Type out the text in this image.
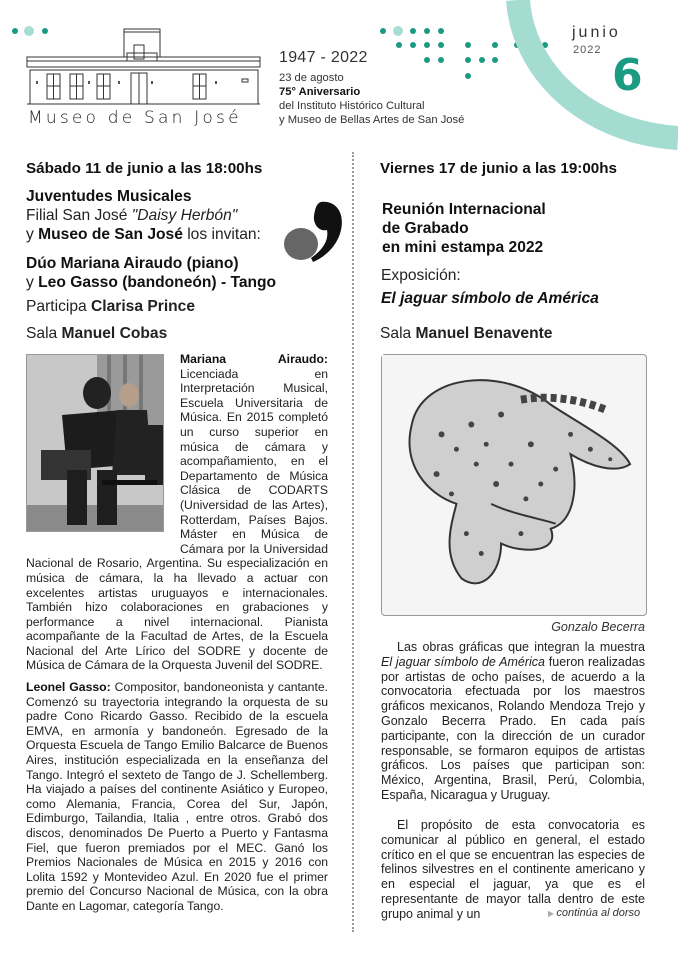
Museo de San José
1947 - 2022
23 de agosto
75° Aniversario
del Instituto Histórico Cultural
y Museo de Bellas Artes de San José
junio
2022 6
Sábado 11 de junio a las 18:00hs
Juventudes Musicales
Filial San José "Daisy Herbón"
y Museo de San José los invitan:
Dúo Mariana Airaudo (piano)
y Leo Gasso (bandoneón) - Tango
Participa Clarisa Prince
Sala Manuel Cobas
Mariana Airaudo: Licenciada en Interpretación Musical, Escuela Universitaria de Música. En 2015 completó un curso superior en música de cámara y acompañamiento, en el Departamento de Música Clásica de CODARTS (Universidad de las Artes), Rotterdam, Países Bajos. Máster en Música de Cámara por la Universidad Nacional de Rosario, Argentina. Su especialización en música de cámara, la ha llevado a actuar con excelentes artistas uruguayos e internacionales. También hizo colaboraciones en grabaciones y performance a nivel internacional. Pianista acompañante de la Facultad de Artes, de la Escuela Nacional del Arte Lírico del SODRE y docente de Música de Cámara de la Orquesta Juvenil del SODRE.
Leonel Gasso: Compositor, bandoneonista y cantante. Comenzó su trayectoria integrando la orquesta de su padre Cono Ricardo Gasso. Recibido de la escuela EMVA, en armonía y bandoneón. Egresado de la Orquesta Escuela de Tango Emilio Balcarce de Buenos Aires, institución especializada en la enseñanza del Tango. Integró el sexteto de Tango de J. Schellemberg. Ha viajado a países del continente Asiático y Europeo, como Alemania, Francia, Corea del Sur, Japón, Edimburgo, Tailandia, Italia , entre otros. Grabó dos discos, denominados De Puerto a Puerto y Fantasma Fiel, que fueron premiados por el MEC. Ganó los Premios Nacionales de Música en 2015 y 2016 con Lolita 1592 y Montevideo Azul. En 2020 fue el primer premio del Concurso Nacional de Música, con la obra Dante en Lagomar, categoría Tango.
Viernes 17 de junio a las 19:00hs
Reunión Internacional
de Grabado
en mini estampa 2022
Exposición:
El jaguar símbolo de América
Sala Manuel Benavente
Gonzalo Becerra
Las obras gráficas que integran la muestra El jaguar símbolo de América fueron realizadas por artistas de ocho países, de acuerdo a la convocatoria efectuada por los maestros gráficos mexicanos, Rolando Mendoza Trejo y Gonzalo Becerra Prado. En cada país participante, con la dirección de un curador responsable, se formaron equipos de artistas gráficos. Los países que participan son: México, Argentina, Brasil, Perú, Colombia, España, Nicaragua y Uruguay.
El propósito de esta convocatoria es comunicar al público en general, el estado crítico en el que se encuentran las especies de felinos silvestres en el continente americano y en especial el jaguar, ya que es el representante de mayor talla dentro de este grupo animal y un	▶ continúa al dorso
